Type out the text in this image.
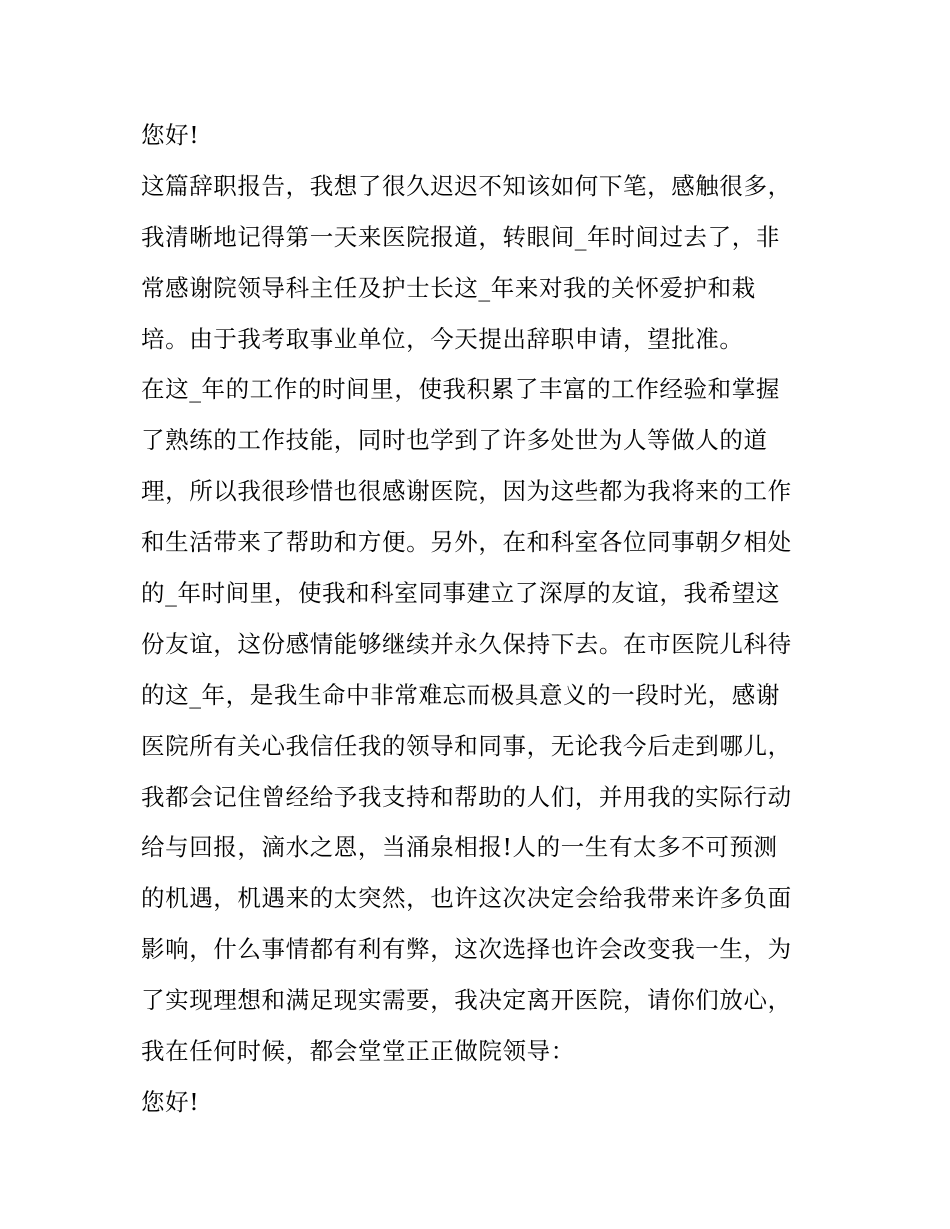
您好!
这篇辞职报告，我想了很久迟迟不知该如何下笔，感触很多，
我清晰地记得第一天来医院报道，转眼间_年时间过去了，非
常感谢院领导科主任及护士长这_年来对我的关怀爱护和栽
培。由于我考取事业单位，今天提出辞职申请，望批准。
在这_年的工作的时间里，使我积累了丰富的工作经验和掌握
了熟练的工作技能，同时也学到了许多处世为人等做人的道
理，所以我很珍惜也很感谢医院，因为这些都为我将来的工作
和生活带来了帮助和方便。另外，在和科室各位同事朝夕相处
的_年时间里，使我和科室同事建立了深厚的友谊，我希望这
份友谊，这份感情能够继续并永久保持下去。在市医院儿科待
的这_年，是我生命中非常难忘而极具意义的一段时光，感谢
医院所有关心我信任我的领导和同事，无论我今后走到哪儿，
我都会记住曾经给予我支持和帮助的人们，并用我的实际行动
给与回报，滴水之恩，当涌泉相报!人的一生有太多不可预测
的机遇，机遇来的太突然，也许这次决定会给我带来许多负面
影响，什么事情都有利有弊，这次选择也许会改变我一生，为
了实现理想和满足现实需要，我决定离开医院，请你们放心，
我在任何时候，都会堂堂正正做院领导：
您好!
